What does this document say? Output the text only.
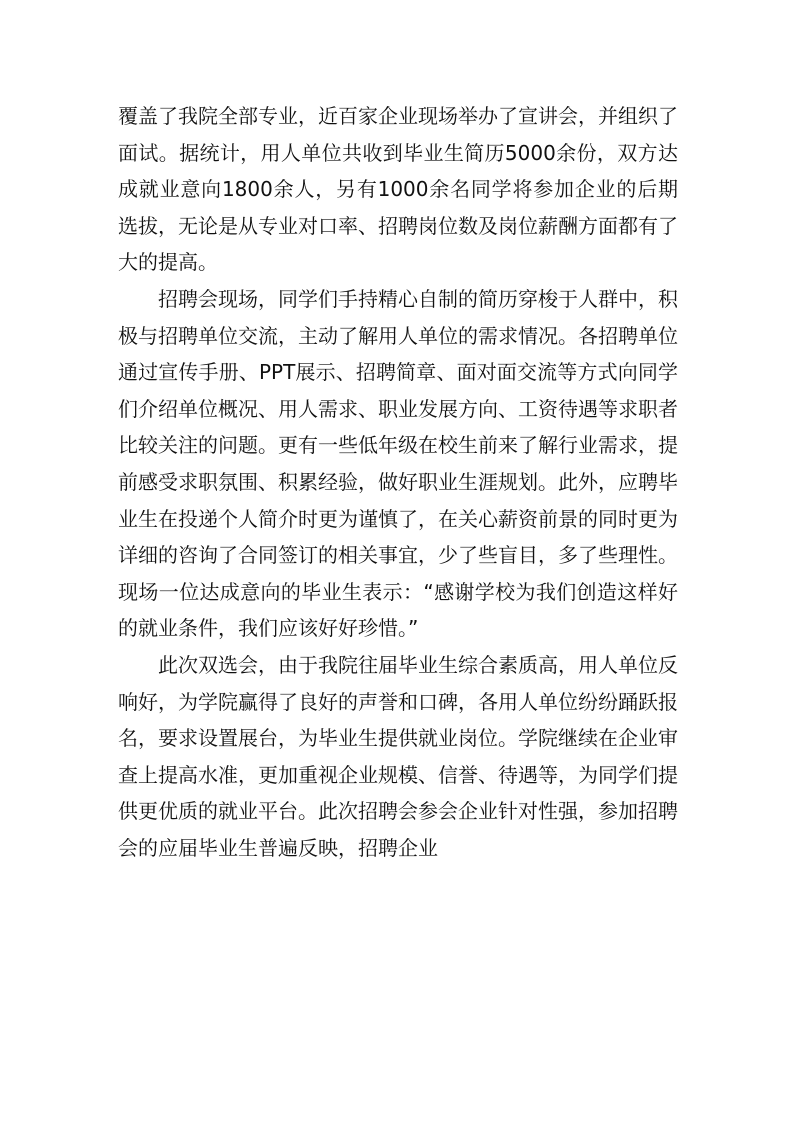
覆盖了我院全部专业，近百家企业现场举办了宣讲会，并组织了面试。据统计，用人单位共收到毕业生简历5000余份，双方达成就业意向1800余人，另有1000余名同学将参加企业的后期选拔，无论是从专业对口率、招聘岗位数及岗位薪酬方面都有了大的提高。

招聘会现场，同学们手持精心自制的简历穿梭于人群中，积极与招聘单位交流，主动了解用人单位的需求情况。各招聘单位通过宣传手册、PPT展示、招聘简章、面对面交流等方式向同学们介绍单位概况、用人需求、职业发展方向、工资待遇等求职者比较关注的问题。更有一些低年级在校生前来了解行业需求，提前感受求职氛围、积累经验，做好职业生涯规划。此外，应聘毕业生在投递个人简介时更为谨慎了，在关心薪资前景的同时更为详细的咨询了合同签订的相关事宜，少了些盲目，多了些理性。现场一位达成意向的毕业生表示：“感谢学校为我们创造这样好的就业条件，我们应该好好珍惜。”

此次双选会，由于我院往届毕业生综合素质高，用人单位反响好，为学院赢得了良好的声誉和口碑，各用人单位纷纷踊跃报名，要求设置展台，为毕业生提供就业岗位。学院继续在企业审查上提高水准，更加重视企业规模、信誉、待遇等，为同学们提供更优质的就业平台。此次招聘会参会企业针对性强，参加招聘会的应届毕业生普遍反映，招聘企业
